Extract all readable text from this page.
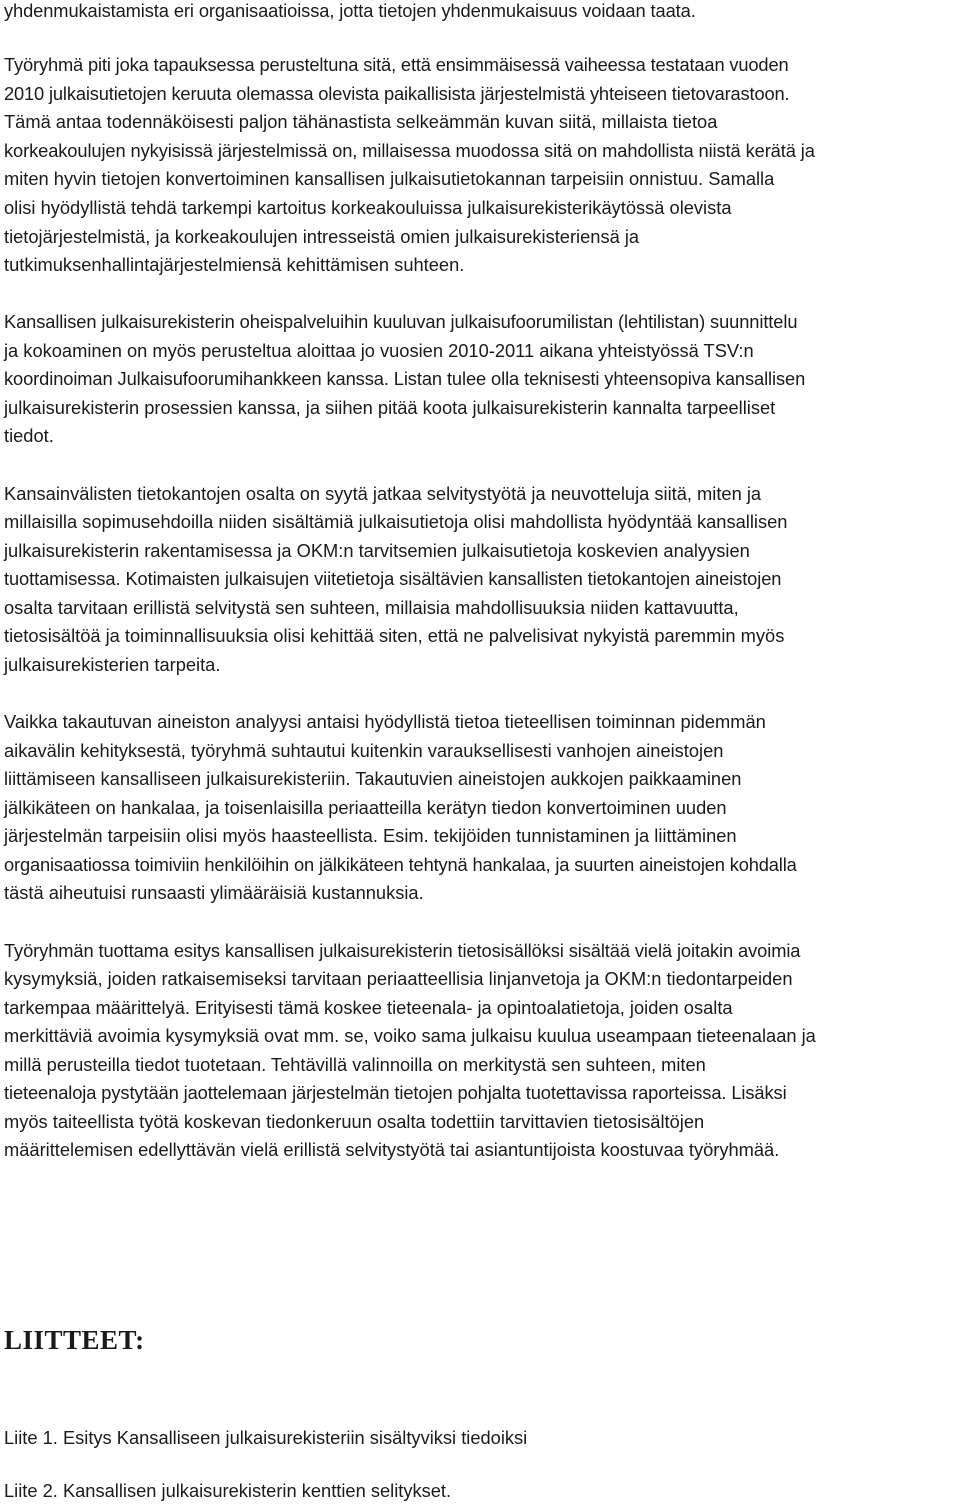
yhdenmukaistamista eri organisaatioissa, jotta tietojen yhdenmukaisuus voidaan taata.
Työryhmä piti joka tapauksessa perusteltuna sitä, että ensimmäisessä vaiheessa testataan vuoden
2010 julkaisutietojen keruuta olemassa olevista paikallisista järjestelmistä yhteiseen tietovarastoon.
Tämä antaa todennäköisesti paljon tähänastista selkeämmän kuvan siitä, millaista tietoa
korkeakoulujen nykyisissä järjestelmissä on, millaisessa muodossa sitä on mahdollista niistä kerätä ja
miten hyvin tietojen konvertoiminen kansallisen julkaisutietokannan tarpeisiin onnistuu. Samalla
olisi hyödyllistä tehdä tarkempi kartoitus korkeakouluissa julkaisurekisterikäytössä olevista
tietojärjestelmistä, ja korkeakoulujen intresseistä omien julkaisurekisteriensä ja
tutkimuksenhallintajärjestelmiensä kehittämisen suhteen.
Kansallisen julkaisurekisterin oheispalveluihin kuuluvan julkaisufoorumilistan (lehtilistan) suunnittelu
ja kokoaminen on myös perusteltua aloittaa jo vuosien 2010-2011 aikana yhteistyössä TSV:n
koordinoiman Julkaisufoorumihankkeen kanssa. Listan tulee olla teknisesti yhteensopiva kansallisen
julkaisurekisterin prosessien kanssa, ja siihen pitää koota julkaisurekisterin kannalta tarpeelliset
tiedot.
Kansainvälisten tietokantojen osalta on syytä jatkaa selvitystyötä ja neuvotteluja siitä, miten ja
millaisilla sopimusehdoilla niiden sisältämiä julkaisutietoja olisi mahdollista hyödyntää kansallisen
julkaisurekisterin rakentamisessa ja OKM:n tarvitsemien julkaisutietoja koskevien analyysien
tuottamisessa. Kotimaisten julkaisujen viitetietoja sisältävien kansallisten tietokantojen aineistojen
osalta tarvitaan erillistä selvitystä sen suhteen, millaisia mahdollisuuksia niiden kattavuutta,
tietosisältöä ja toiminnallisuuksia olisi kehittää siten, että ne palvelisivat nykyistä paremmin myös
julkaisurekisterien tarpeita.
Vaikka takautuvan aineiston analyysi antaisi hyödyllistä tietoa tieteellisen toiminnan pidemmän
aikavälin kehityksestä, työryhmä suhtautui kuitenkin varauksellisesti vanhojen aineistojen
liittämiseen kansalliseen julkaisurekisteriin. Takautuvien aineistojen aukkojen paikkaaminen
jälkikäteen on hankalaa, ja toisenlaisilla periaatteilla kerätyn tiedon konvertoiminen uuden
järjestelmän tarpeisiin olisi myös haasteellista. Esim. tekijöiden tunnistaminen ja liittäminen
organisaatiossa toimiviin henkilöihin on jälkikäteen tehtynä hankalaa, ja suurten aineistojen kohdalla
tästä aiheutuisi runsaasti ylimääräisiä kustannuksia.
Työryhmän tuottama esitys kansallisen julkaisurekisterin tietosisällöksi sisältää vielä joitakin avoimia
kysymyksiä, joiden ratkaisemiseksi tarvitaan periaatteellisia linjanvetoja ja OKM:n tiedontarpeiden
tarkempaa määrittelyä. Erityisesti tämä koskee tieteenala- ja opintoalatietoja, joiden osalta
merkittäviä avoimia kysymyksiä ovat mm. se, voiko sama julkaisu kuulua useampaan tieteenalaan ja
millä perusteilla tiedot tuotetaan. Tehtävillä valinnoilla on merkitystä sen suhteen, miten
tieteenaloja pystytään jaottelemaan järjestelmän tietojen pohjalta tuotettavissa raporteissa. Lisäksi
myös taiteellista työtä koskevan tiedonkeruun osalta todettiin tarvittavien tietosisältöjen
määrittelemisen edellyttävän vielä erillistä selvitystyötä tai asiantuntijoista koostuvaa työryhmää.
LIITTEET:
Liite 1. Esitys Kansalliseen julkaisurekisteriin sisältyviksi tiedoiksi
Liite 2. Kansallisen julkaisurekisterin kenttien selitykset.
